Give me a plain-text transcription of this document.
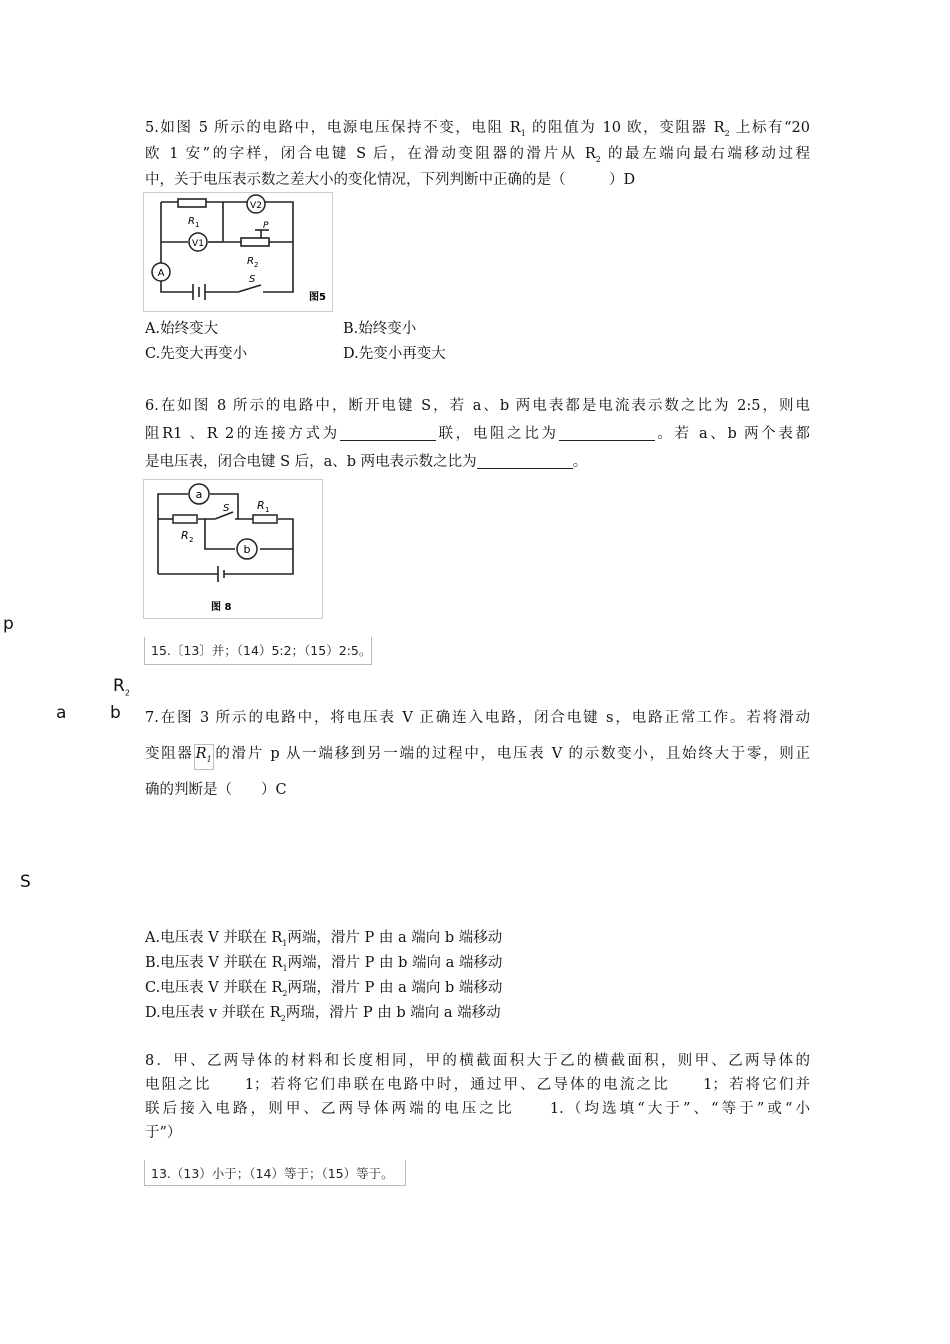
5.如图 5 所示的电路中，电源电压保持不变，电阻 $R_1$ 的阻值为 10 欧，变阻器 $R_2$ 上标有“20
欧 1 安”的字样，闭合电键 S 后，在滑动变阻器的滑片从 $R_2$ 的最左端向最右端移动过程
中，关于电压表示数之差大小的变化情况，下列判断中正确的是（　　　）D
V1
V2
A
R 1
R 2
P
S
图5
A.始终变大	B.始终变小
C.先变大再变小	D.先变小再变大
6.在如图 8 所示的电路中，断开电键 S，若 a、b 两电表都是电流表示数之比为 2:5，则电
阻R1 、R 2的连接方式为	联，电阻之比为	。若 a、b 两个表都
是电压表，闭合电键 S 后，a、b 两电表示数之比为	。
a
b
S	R 1
R 2
图 8
15.〔13〕并；（14）5:2；（15）2:5。
p
$R_2$
a	b
S
7.在图 3 所示的电路中，将电压表 V 正确连入电路，闭合电键 s，电路正常工作。若将滑动
变阻器 $R_1$ 的滑片 p 从一端移到另一端的过程中，电压表 V 的示数变小，且始终大于零，则正
确的判断是（　　）C
A.电压表 V 并联在 $R_1$两端，滑片 P 由 a 端向 b 端移动
B.电压表 V 并联在 $R_1$两端，滑片 P 由 b 端向 a 端移动
C.电压表 V 并联在 $R_2$两瑞，滑片 P 由 a 端向 b 端移动
D.电压表 v 并联在 $R_2$两瑞，滑片 P 由 b 端向 a 端移动
8．甲、乙两导体的材料和长度相同，甲的横截面积大于乙的横截面积，则甲、乙两导体的
电阻之比　　1；若将它们串联在电路中时，通过甲、乙导体的电流之比　　1；若将它们并
联后接入电路，则甲、乙两导体两端的电压之比　　1.（均选填“大于”、“等于”或“小
于”）
13.（13）小于；（14）等于；（15）等于。
